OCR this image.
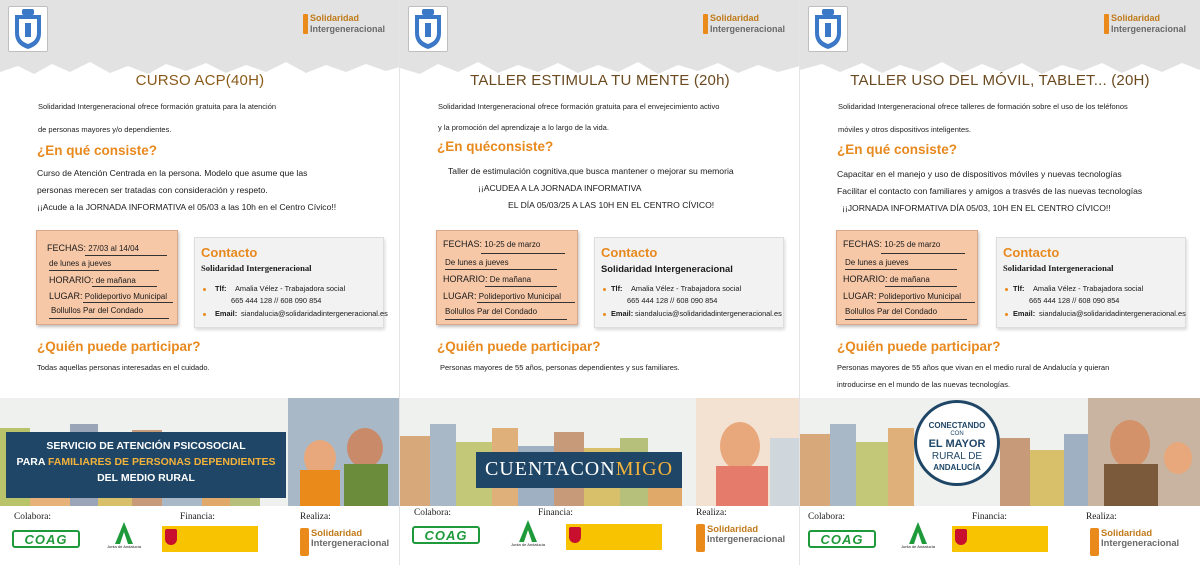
Solidaridad
Intergeneracional
CURSO ACP(40H)
Solidaridad Intergeneracional ofrece formación gratuita para la atención
de personas mayores y/o dependientes.
¿En qué consiste?
Curso de Atención Centrada en la persona. Modelo que asume que las
personas merecen ser tratadas con consideración y respeto.
¡¡Acude a la JORNADA INFORMATIVA el 05/03 a las 10h en el Centro Cívico!!
FECHAS: 27/03 al 14/04
de lunes a jueves
HORARIO: de mañana
LUGAR: Polideportivo Municipal
Bollullos Par del Condado
Contacto
Solidaridad Intergeneracional
Tlf: Amalia Vélez - Trabajadora social
665 444 128 // 608 090 854
Email: siandalucia@solidaridadintergeneracional.es
¿Quién puede participar?
Todas aquellas personas interesadas en el cuidado.
SERVICIO DE ATENCIÓN PSICOSOCIAL
PARA FAMILIARES DE PERSONAS DEPENDIENTES
DEL MEDIO RURAL
Colabora:	Financia:	Realiza:
COAG	Junta de Andalucía
Solidaridad
Intergeneracional
Solidaridad
Intergeneracional
TALLER ESTIMULA TU MENTE (20h)
Solidaridad Intergeneracional ofrece formación gratuita para el envejecimiento activo
y la promoción del aprendizaje a lo largo de la vida.
¿En quéconsiste?
Taller de estimulación cognitiva,que busca mantener o mejorar su memoria
¡¡ACUDEA A LA JORNADA INFORMATIVA
EL DÍA 05/03/25 A LAS 10H EN EL CENTRO CÍVICO!
FECHAS: 10-25 de marzo
De lunes a jueves
HORARIO: De mañana
LUGAR: Polideportivo Municipal
Bollullos Par del Condado
Contacto
Solidaridad Intergeneracional
Tlf: Amalia Vélez - Trabajadora social
665 444 128 // 608 090 854
Email: siandalucia@solidaridadintergeneracional.es
¿Quién puede participar?
Personas mayores de 55 años, personas dependientes y sus familiares.
CUENTACONMIGO
Colabora:	Financia:	Realiza:
COAG
Junta de Andalucía
Solidaridad
Intergeneracional
Solidaridad
Intergeneracional
TALLER USO DEL MÓVIL, TABLET... (20H)
Solidaridad Intergeneracional ofrece talleres de formación sobre el uso de los teléfonos
móviles y otros dispositivos inteligentes.
¿En qué consiste?
Capacitar en el manejo y uso de dispositivos móviles y nuevas tecnologías
Facilitar el contacto con familiares y amigos a trasvés de las nuevas tecnologías
¡¡JORNADA INFORMATIVA DÍA 05/03, 10H EN EL CENTRO CÍVICO!!
FECHAS: 10-25 de marzo
De lunes a jueves
HORARIO: de mañana
LUGAR: Polideportivo Municipal
Bollullos Par del Condado
Contacto
Solidaridad Intergeneracional
Tlf: Amalia Vélez - Trabajadora social
665 444 128 // 608 090 854
Email: siandalucia@solidaridadintergeneracional.es
¿Quién puede participar?
Personas mayores de 55 años que vivan en el medio rural de Andalucía y quieran
introducirse en el mundo de las nuevas tecnologías.
CONECTANDO
CON
EL MAYOR
RURAL DE
ANDALUCÍA
Colabora:	Financia:	Realiza:
COAG	Junta de Andalucía
Solidaridad
Intergeneracional
